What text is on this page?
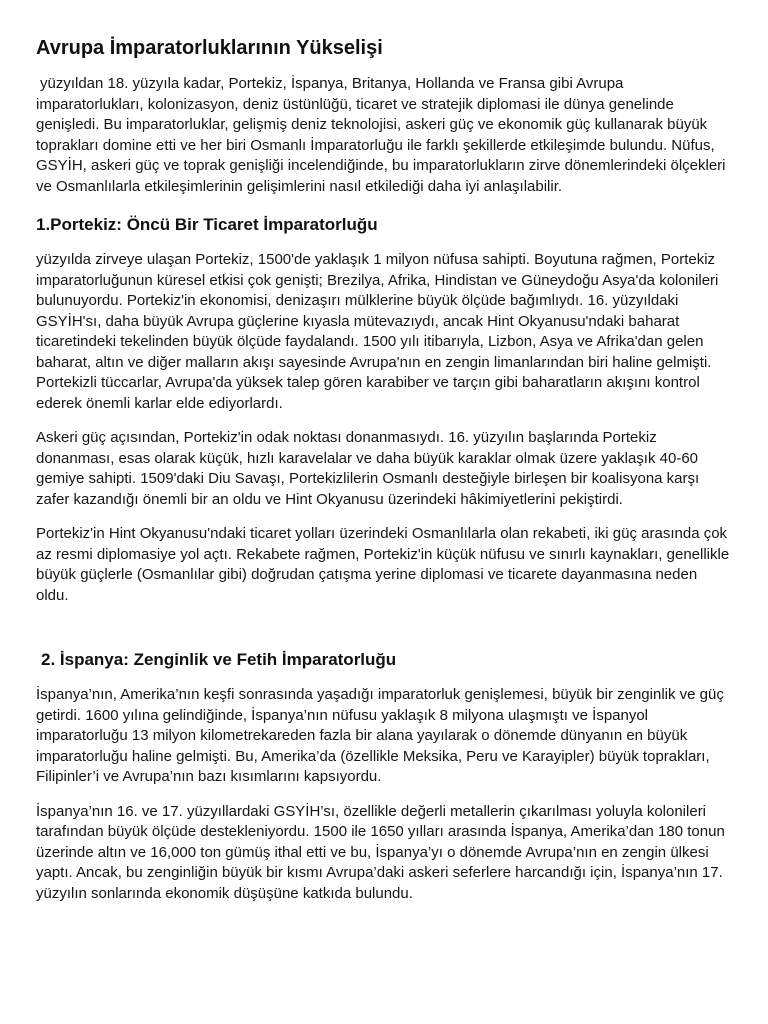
Avrupa İmparatorluklarının Yükselişi

yüzyıldan 18. yüzyıla kadar, Portekiz, İspanya, Britanya, Hollanda ve Fransa gibi Avrupa imparatorlukları, kolonizasyon, deniz üstünlüğü, ticaret ve stratejik diplomasi ile dünya genelinde genişledi. Bu imparatorluklar, gelişmiş deniz teknolojisi, askeri güç ve ekonomik güç kullanarak büyük toprakları domine etti ve her biri Osmanlı İmparatorluğu ile farklı şekillerde etkileşimde bulundu. Nüfus, GSYİH, askeri güç ve toprak genişliği incelendiğinde, bu imparatorlukların zirve dönemlerindeki ölçekleri ve Osmanlılarla etkileşimlerinin gelişimlerini nasıl etkilediği daha iyi anlaşılabilir.

1.Portekiz: Öncü Bir Ticaret İmparatorluğu

yüzyılda zirveye ulaşan Portekiz, 1500'de yaklaşık 1 milyon nüfusa sahipti. Boyutuna rağmen, Portekiz imparatorluğunun küresel etkisi çok genişti; Brezilya, Afrika, Hindistan ve Güneydoğu Asya'da kolonileri bulunuyordu. Portekiz'in ekonomisi, denizaşırı mülklerine büyük ölçüde bağımlıydı. 16. yüzyıldaki GSYİH'sı, daha büyük Avrupa güçlerine kıyasla mütevazıydı, ancak Hint Okyanusu'ndaki baharat ticaretindeki tekelinden büyük ölçüde faydalandı. 1500 yılı itibarıyla, Lizbon, Asya ve Afrika'dan gelen baharat, altın ve diğer malların akışı sayesinde Avrupa'nın en zengin limanlarından biri haline gelmişti. Portekizli tüccarlar, Avrupa'da yüksek talep gören karabiber ve tarçın gibi baharatların akışını kontrol ederek önemli karlar elde ediyorlardı.

Askeri güç açısından, Portekiz'in odak noktası donanmasıydı. 16. yüzyılın başlarında Portekiz donanması, esas olarak küçük, hızlı karavelalar ve daha büyük karaklar olmak üzere yaklaşık 40-60 gemiye sahipti. 1509'daki Diu Savaşı, Portekizlilerin Osmanlı desteğiyle birleşen bir koalisyona karşı zafer kazandığı önemli bir an oldu ve Hint Okyanusu üzerindeki hâkimiyetlerini pekiştirdi.

Portekiz'in Hint Okyanusu'ndaki ticaret yolları üzerindeki Osmanlılarla olan rekabeti, iki güç arasında çok az resmi diplomasiye yol açtı. Rekabete rağmen, Portekiz'in küçük nüfusu ve sınırlı kaynakları, genellikle büyük güçlerle (Osmanlılar gibi) doğrudan çatışma yerine diplomasi ve ticarete dayanmasına neden oldu.

2. İspanya: Zenginlik ve Fetih İmparatorluğu

İspanya’nın, Amerika’nın keşfi sonrasında yaşadığı imparatorluk genişlemesi, büyük bir zenginlik ve güç getirdi. 1600 yılına gelindiğinde, İspanya’nın nüfusu yaklaşık 8 milyona ulaşmıştı ve İspanyol imparatorluğu 13 milyon kilometrekareden fazla bir alana yayılarak o dönemde dünyanın en büyük imparatorluğu haline gelmişti. Bu, Amerika’da (özellikle Meksika, Peru ve Karayipler) büyük toprakları, Filipinler’i ve Avrupa’nın bazı kısımlarını kapsıyordu.

İspanya’nın 16. ve 17. yüzyıllardaki GSYİH’sı, özellikle değerli metallerin çıkarılması yoluyla kolonileri tarafından büyük ölçüde destekleniyordu. 1500 ile 1650 yılları arasında İspanya, Amerika’dan 180 tonun üzerinde altın ve 16,000 ton gümüş ithal etti ve bu, İspanya’yı o dönemde Avrupa’nın en zengin ülkesi yaptı. Ancak, bu zenginliğin büyük bir kısmı Avrupa’daki askeri seferlere harcandığı için, İspanya’nın 17. yüzyılın sonlarında ekonomik düşüşüne katkıda bulundu.
